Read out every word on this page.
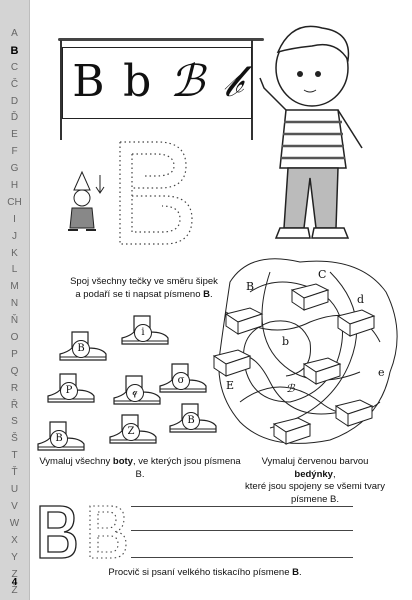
A
B
C
Č
D
Ď
E
F
G
H
CH
I
J
K
L
M
N
Ň
O
P
Q
R
Ř
S
Š
T
Ť
U
V
W
X
Y
Z
Ž
4
B b ℬ 𝒷
Spoj všechny tečky ve směru šipek
a podaří se ti napsat písmeno B.
B
C
d
b
E	ℬ
e
B
i
P	𝓆
σ
B
Z
B
Vymaluj všechny boty, ve kterých jsou písmena B.
Vymaluj červenou barvou bedýnky,
které jsou spojeny se všemi tvary
písmene B.
Procvič si psaní velkého tiskacího písmene B.
